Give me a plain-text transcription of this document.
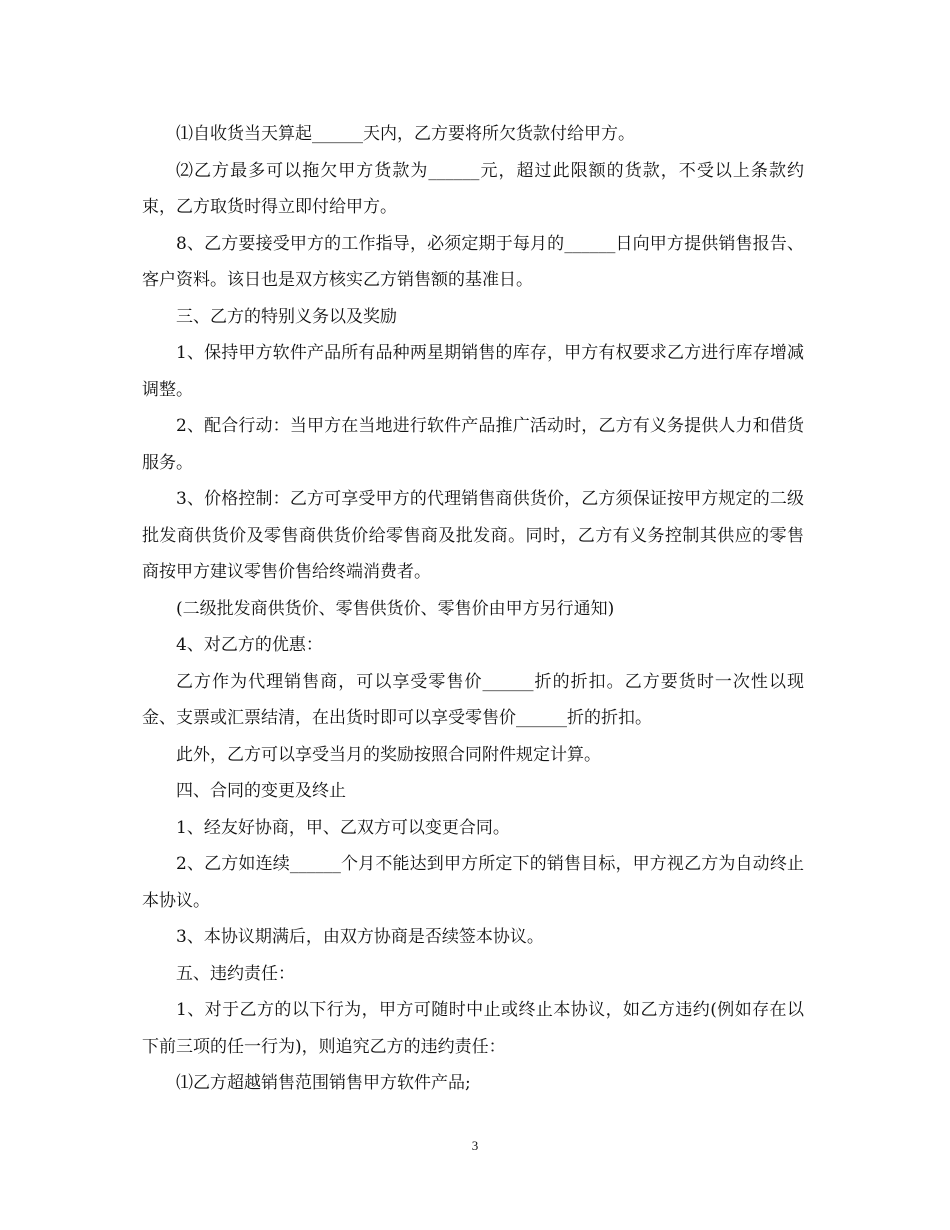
⑴自收货当天算起______天内，乙方要将所欠货款付给甲方。

⑵乙方最多可以拖欠甲方货款为______元，超过此限额的货款，不受以上条款约束，乙方取货时得立即付给甲方。

8、乙方要接受甲方的工作指导，必须定期于每月的______日向甲方提供销售报告、客户资料。该日也是双方核实乙方销售额的基准日。

三、乙方的特别义务以及奖励

1、保持甲方软件产品所有品种两星期销售的库存，甲方有权要求乙方进行库存增减调整。

2、配合行动：当甲方在当地进行软件产品推广活动时，乙方有义务提供人力和借货服务。

3、价格控制：乙方可享受甲方的代理销售商供货价，乙方须保证按甲方规定的二级批发商供货价及零售商供货价给零售商及批发商。同时，乙方有义务控制其供应的零售商按甲方建议零售价售给终端消费者。

(二级批发商供货价、零售供货价、零售价由甲方另行通知)

4、对乙方的优惠：

乙方作为代理销售商，可以享受零售价______折的折扣。乙方要货时一次性以现金、支票或汇票结清，在出货时即可以享受零售价______折的折扣。

此外，乙方可以享受当月的奖励按照合同附件规定计算。

四、合同的变更及终止

1、经友好协商，甲、乙双方可以变更合同。

2、乙方如连续______个月不能达到甲方所定下的销售目标，甲方视乙方为自动终止本协议。

3、本协议期满后，由双方协商是否续签本协议。

五、违约责任：

1、对于乙方的以下行为，甲方可随时中止或终止本协议，如乙方违约(例如存在以下前三项的任一行为)，则追究乙方的违约责任：

⑴乙方超越销售范围销售甲方软件产品;

3
